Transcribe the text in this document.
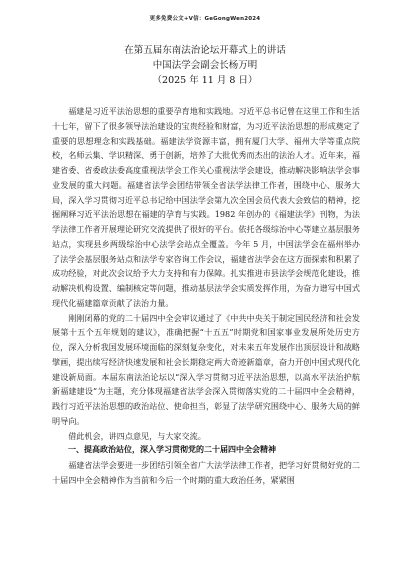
更多免费公文+V信：GeGongWen2024
在第五届东南法治论坛开幕式上的讲话
中国法学会副会长杨万明
（2025 年 11 月 8 日）

福建是习近平法治思想的重要孕育地和实践地。习近平总书记曾在这里工作和生活十七年，留下了很多领导法治建设的宝贵经验和财富，为习近平法治思想的形成奠定了重要的思想理念和实践基础。福建法学资源丰富，拥有厦门大学、福州大学等重点院校，名师云集、学识精深、勇于创新，培养了大批优秀而杰出的法治人才。近年来，福建省委、省委政法委高度重视法学会工作关心重视法学会建设，推动解决影响法学会事业发展的重大问题。福建省法学会团结带领全省法学法律工作者，围绕中心、服务大局，深入学习贯彻习近平总书记给中国法学会第九次全国会员代表大会致信的精神，挖掘阐释习近平法治思想在福建的孕育与实践。1982 年创办的《福建法学》刊物，为法学法律工作者开展理论研究交流提供了很好的平台。依托各级综治中心等建立基层服务站点，实现县乡两级综治中心法学会站点全覆盖。今年 5 月，中国法学会在福州举办了法学会基层服务站点和法学专家咨询工作会议，福建省法学会在这方面探索和积累了成功经验，对此次会议给予大力支持和有力保障。扎实推进市县法学会规范化建设，推动解决机构设置、编制核定等问题，推动基层法学会实质发挥作用，为奋力谱写中国式现代化福建篇章贡献了法治力量。

刚刚闭幕的党的二十届四中全会审议通过了《中共中央关于制定国民经济和社会发展第十五个五年规划的建议》，准确把握“十五五”时期党和国家事业发展所处历史方位，深入分析我国发展环境面临的深刻复杂变化，对未来五年发展作出顶层设计和战略擘画，提出续写经济快速发展和社会长期稳定两大奇迹新篇章，奋力开创中国式现代化建设新局面。本届东南法治论坛以“深入学习贯彻习近平法治思想，以高水平法治护航新福建建设”为主题，充分体现福建省法学会深入贯彻落实党的二十届四中全会精神，践行习近平法治思想的政治站位、使命担当，彰显了法学研究围绕中心、服务大局的鲜明导向。

借此机会，讲四点意见，与大家交流。

一、提高政治站位，深入学习贯彻党的二十届四中全会精神

福建省法学会要进一步团结引领全省广大法学法律工作者，把学习好贯彻好党的二十届四中全会精神作为当前和今后一个时期的重大政治任务，紧紧围
